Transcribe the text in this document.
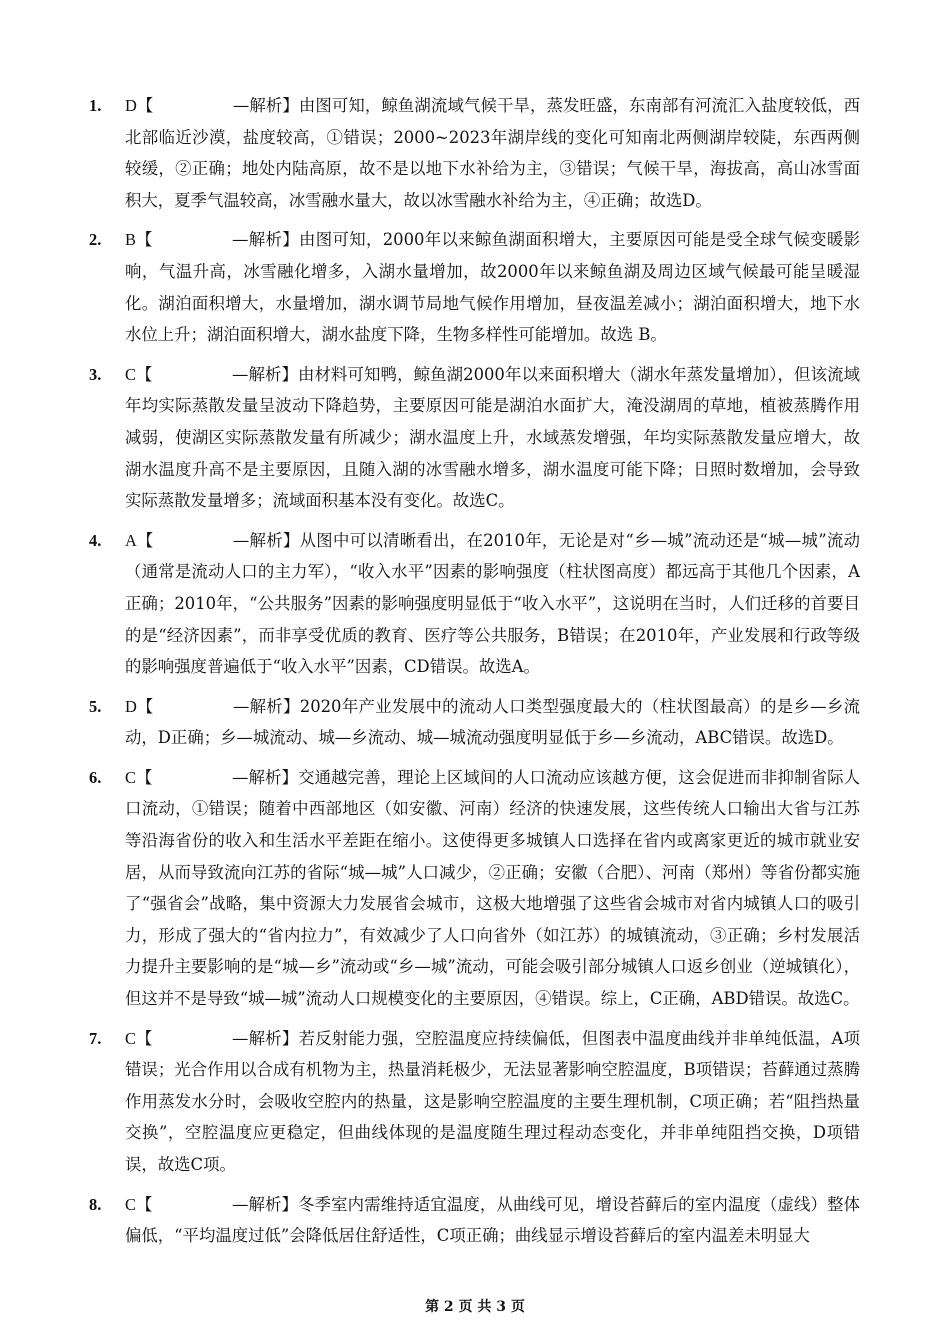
1. D【	—解析】由图可知，鲸鱼湖流域气候干旱，蒸发旺盛，东南部有河流汇入盐度较低，西北部临近沙漠，盐度较高，①错误；2000~2023年湖岸线的变化可知南北两侧湖岸较陡，东西两侧较缓，②正确；地处内陆高原，故不是以地下水补给为主，③错误；气候干旱，海拔高，高山冰雪面积大，夏季气温较高，冰雪融水量大，故以冰雪融水补给为主，④正确；故选D。
2. B【	—解析】由图可知，2000年以来鲸鱼湖面积增大，主要原因可能是受全球气候变暖影响，气温升高，冰雪融化增多，入湖水量增加，故2000年以来鲸鱼湖及周边区域气候最可能呈暖湿化。湖泊面积增大，水量增加，湖水调节局地气候作用增加，昼夜温差减小；湖泊面积增大，地下水水位上升；湖泊面积增大，湖水盐度下降，生物多样性可能增加。故选 B。
3. C【	—解析】由材料可知鸭，鲸鱼湖2000年以来面积增大（湖水年蒸发量增加），但该流域年均实际蒸散发量呈波动下降趋势，主要原因可能是湖泊水面扩大，淹没湖周的草地，植被蒸腾作用减弱，使湖区实际蒸散发量有所减少；湖水温度上升，水域蒸发增强，年均实际蒸散发量应增大，故湖水温度升高不是主要原因，且随入湖的冰雪融水增多，湖水温度可能下降；日照时数增加，会导致实际蒸散发量增多；流域面积基本没有变化。故选C。
4. A【	—解析】从图中可以清晰看出，在2010年，无论是对“乡—城”流动还是“城—城”流动（通常是流动人口的主力军），“收入水平”因素的影响强度（柱状图高度）都远高于其他几个因素，A正确；2010年，“公共服务”因素的影响强度明显低于“收入水平”，这说明在当时，人们迁移的首要目的是“经济因素”，而非享受优质的教育、医疗等公共服务，B错误；在2010年，产业发展和行政等级的影响强度普遍低于“收入水平”因素，CD错误。故选A。
5. D【	—解析】2020年产业发展中的流动人口类型强度最大的（柱状图最高）的是乡—乡流动，D正确；乡—城流动、城—乡流动、城—城流动强度明显低于乡—乡流动，ABC错误。故选D。
6. C【	—解析】交通越完善，理论上区域间的人口流动应该越方便，这会促进而非抑制省际人口流动，①错误；随着中西部地区（如安徽、河南）经济的快速发展，这些传统人口输出大省与江苏等沿海省份的收入和生活水平差距在缩小。这使得更多城镇人口选择在省内或离家更近的城市就业安居，从而导致流向江苏的省际“城—城”人口减少，②正确；安徽（合肥）、河南（郑州）等省份都实施了“强省会”战略，集中资源大力发展省会城市，这极大地增强了这些省会城市对省内城镇人口的吸引力，形成了强大的“省内拉力”，有效减少了人口向省外（如江苏）的城镇流动，③正确；乡村发展活力提升主要影响的是“城—乡”流动或“乡—城”流动，可能会吸引部分城镇人口返乡创业（逆城镇化），但这并不是导致“城—城”流动人口规模变化的主要原因，④错误。综上，C正确，ABD错误。故选C。
7. C【	—解析】若反射能力强，空腔温度应持续偏低，但图表中温度曲线并非单纯低温，A项错误；光合作用以合成有机物为主，热量消耗极少，无法显著影响空腔温度，B项错误；苔藓通过蒸腾作用蒸发水分时，会吸收空腔内的热量，这是影响空腔温度的主要生理机制，C项正确；若“阻挡热量交换”，空腔温度应更稳定，但曲线体现的是温度随生理过程动态变化，并非单纯阻挡交换，D项错误，故选C项。
8. C【	—解析】冬季室内需维持适宜温度，从曲线可见，增设苔藓后的室内温度（虚线）整体偏低，“平均温度过低”会降低居住舒适性，C项正确；曲线显示增设苔藓后的室内温差未明显大
第 2 页 共 3 页
